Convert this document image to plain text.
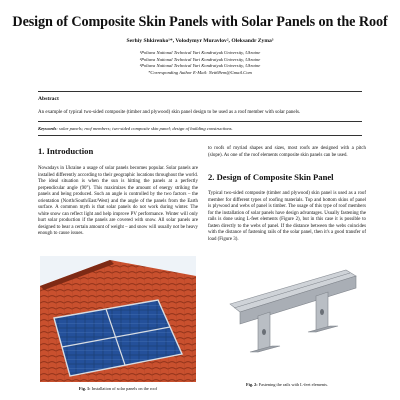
Design of Composite Skin Panels with Solar Panels on the Roof
Serhiy Shkirenko¹*, Volodymyr Muravlov², Oleksandr Zyma³
¹Poltava National Technical Yuri Kondratyuk University, Ukraine
²Poltava National Technical Yuri Kondratyuk University, Ukraine
³Poltava National Technical Yuri Kondratyuk University, Ukraine
*Corresponding Author E-Mail: Nett69em@Gmail.Com
Abstract
An example of typical two-sided composite (timber and plywood) skin panel design to be used as a roof member with solar panels.
Keywords: solar panels; roof members; two-sided composite skin panel; design of building constructions.
1. Introduction
Nowadays in Ukraine a usage of solar panels becomes popular. Solar panels are installed differently according to their geographic locations throughout the world. The ideal situation is when the sun is hitting the panels at a perfectly perpendicular angle (90°). This maximizes the amount of energy striking the panels and being produced. Such an angle is controlled by the two factors – the orientation (North/South/East/West) and the angle of the panels from the Earth surface. A common myth is that solar panels do not work during winter. The white snow can reflect light and help improve PV performance. Winter will only hurt solar production if the panels are covered with snow. All solar panels are designed to bear a certain amount of weight – and snow will usually not be heavy enough to cause issues.
Fig. 1: Installation of solar panels on the roof
to roofs of myriad shapes and sizes, most roofs are designed with a pitch (slope). As one of the roof elements composite skin panels can be used.
2. Design of Composite Skin Panel
Typical two-sided composite (timber and plywood) skin panel is used as a roof member for different types of roofing materials. Top and bottom skins of panel is plywood and webs of panel is timber. The usage of this type of roof members for the installation of solar panels have design advantages. Usually fastening the rails is done using L-feet elements (Figure 2), but in this case it is possible to fasten directly to the webs of panel. If the distance between the webs coincides with the distance of fastening rails of the solar panel, then it's a good transfer of load (Figure 3).
Fig. 2: Fastening the rails with L-feet elements.
